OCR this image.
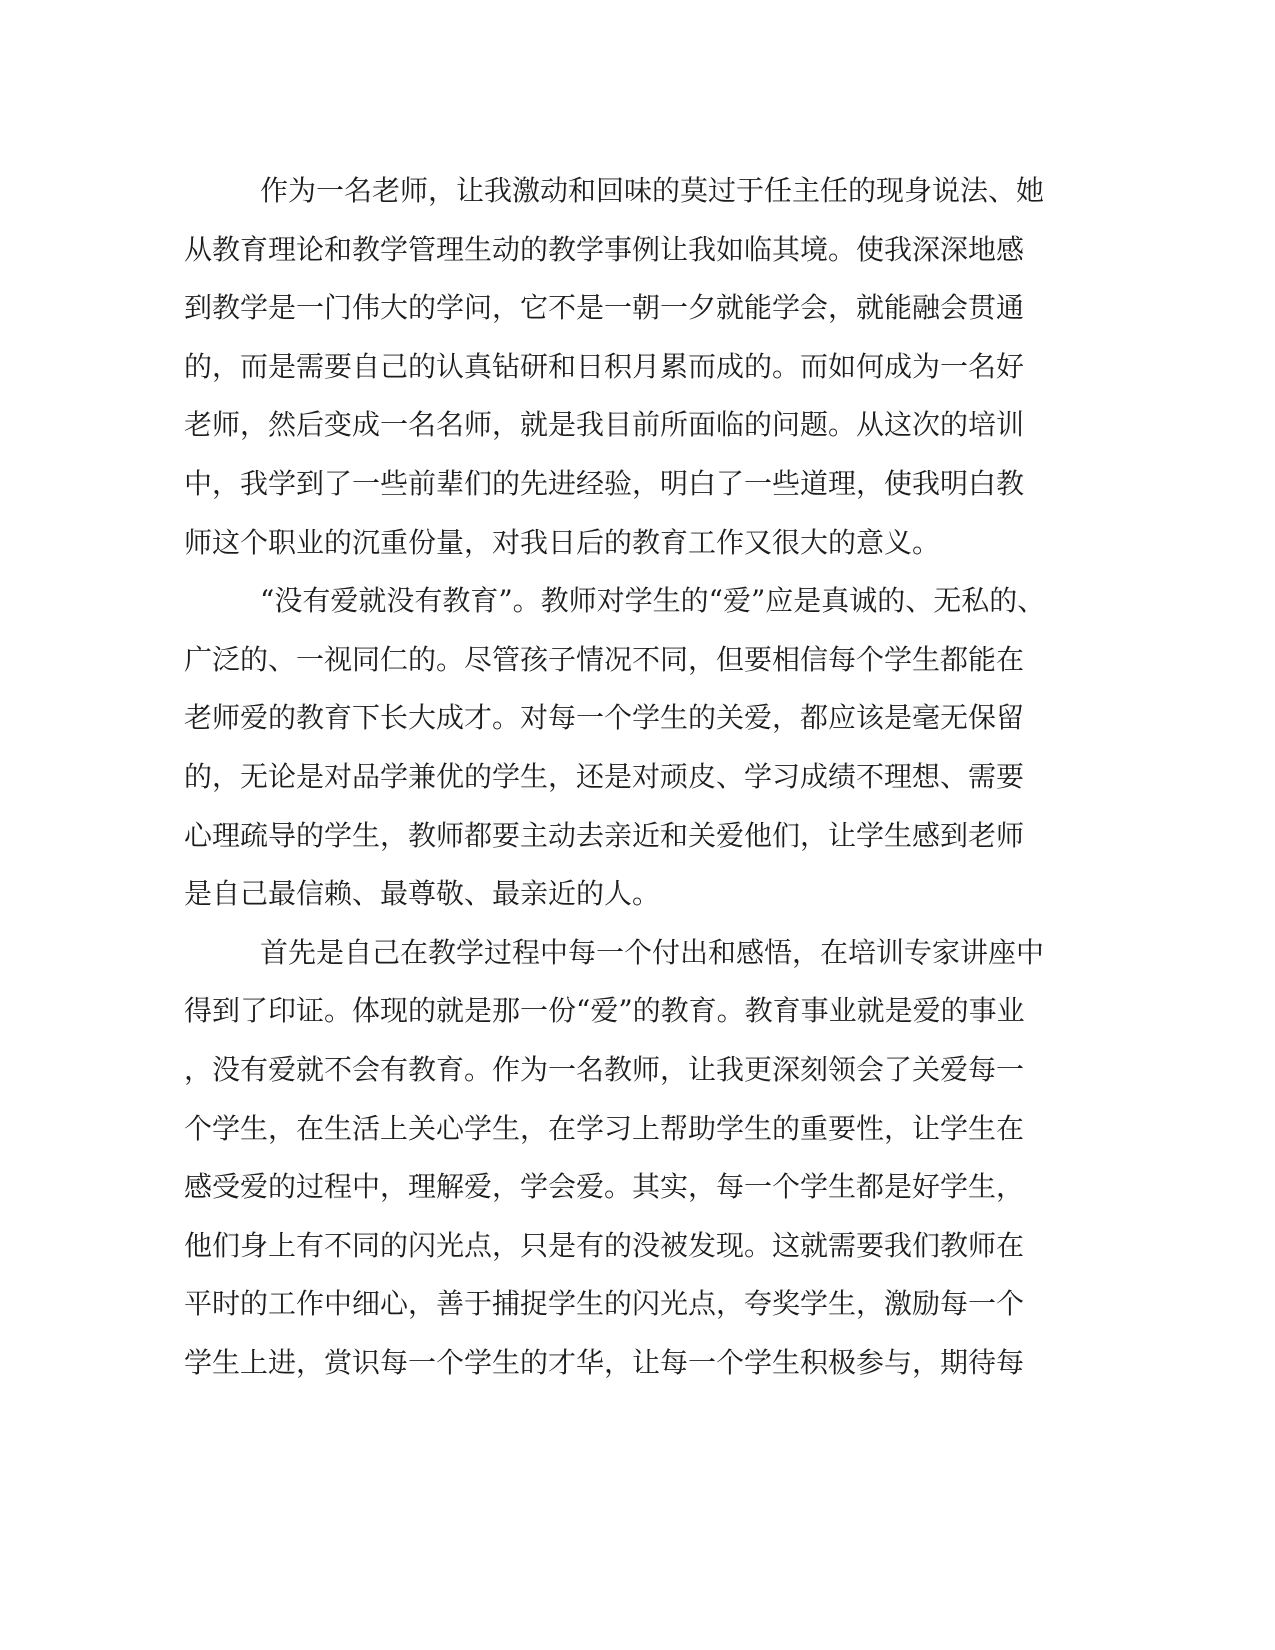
作为一名老师，让我激动和回味的莫过于任主任的现身说法、她
从教育理论和教学管理生动的教学事例让我如临其境。使我深深地感
到教学是一门伟大的学问，它不是一朝一夕就能学会，就能融会贯通
的，而是需要自己的认真钻研和日积月累而成的。而如何成为一名好
老师，然后变成一名名师，就是我目前所面临的问题。从这次的培训
中，我学到了一些前辈们的先进经验，明白了一些道理，使我明白教
师这个职业的沉重份量，对我日后的教育工作又很大的意义。
“没有爱就没有教育”。教师对学生的“爱”应是真诚的、无私的、
广泛的、一视同仁的。尽管孩子情况不同，但要相信每个学生都能在
老师爱的教育下长大成才。对每一个学生的关爱，都应该是毫无保留
的，无论是对品学兼优的学生，还是对顽皮、学习成绩不理想、需要
心理疏导的学生，教师都要主动去亲近和关爱他们，让学生感到老师
是自己最信赖、最尊敬、最亲近的人。
首先是自己在教学过程中每一个付出和感悟，在培训专家讲座中
得到了印证。体现的就是那一份“爱”的教育。教育事业就是爱的事业
，没有爱就不会有教育。作为一名教师，让我更深刻领会了关爱每一
个学生，在生活上关心学生，在学习上帮助学生的重要性，让学生在
感受爱的过程中，理解爱，学会爱。其实，每一个学生都是好学生，
他们身上有不同的闪光点，只是有的没被发现。这就需要我们教师在
平时的工作中细心，善于捕捉学生的闪光点，夸奖学生，激励每一个
学生上进，赏识每一个学生的才华，让每一个学生积极参与，期待每
